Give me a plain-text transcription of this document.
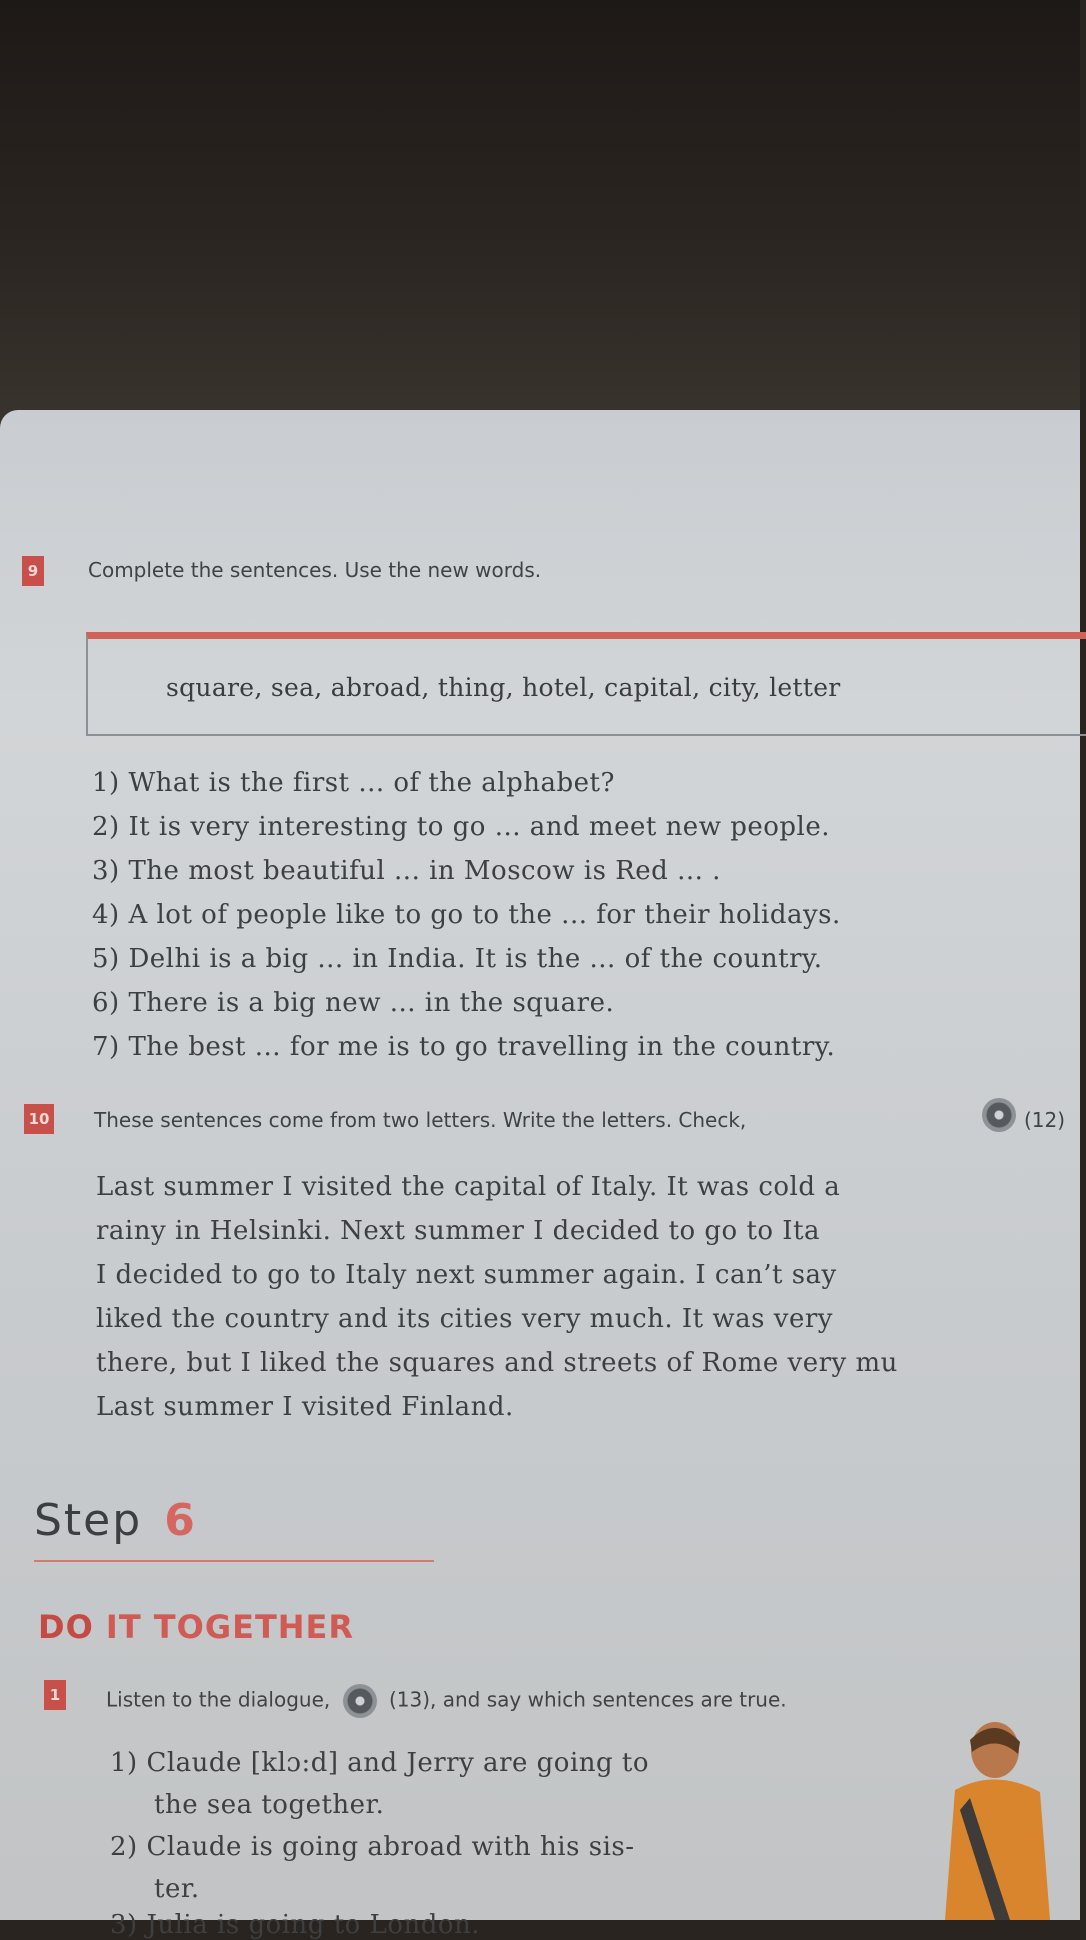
9 Complete the sentences. Use the new words.
square, sea, abroad, thing, hotel, capital, city, letter
1) What is the first ... of the alphabet?
2) It is very interesting to go ... and meet new people.
3) The most beautiful ... in Moscow is Red ... .
4) A lot of people like to go to the ... for their holidays.
5) Delhi is a big ... in India. It is the ... of the country.
6) There is a big new ... in the square.
7) The best ... for me is to go travelling in the country.
10 These sentences come from two letters. Write the letters. Check,	(12)
Last summer I visited the capital of Italy. It was cold a
rainy in Helsinki. Next summer I decided to go to Ita
I decided to go to Italy next summer again. I can’t say
liked the country and its cities very much. It was very
there, but I liked the squares and streets of Rome very mu
Last summer I visited Finland.
Step 6
DO IT TOGETHER
1 Listen to the dialogue,	(13), and say which sentences are true.
1) Claude [klɔ:d] and Jerry are going to
the sea together.
2) Claude is going abroad with his sis-
ter.
3) Julia is going to London.
